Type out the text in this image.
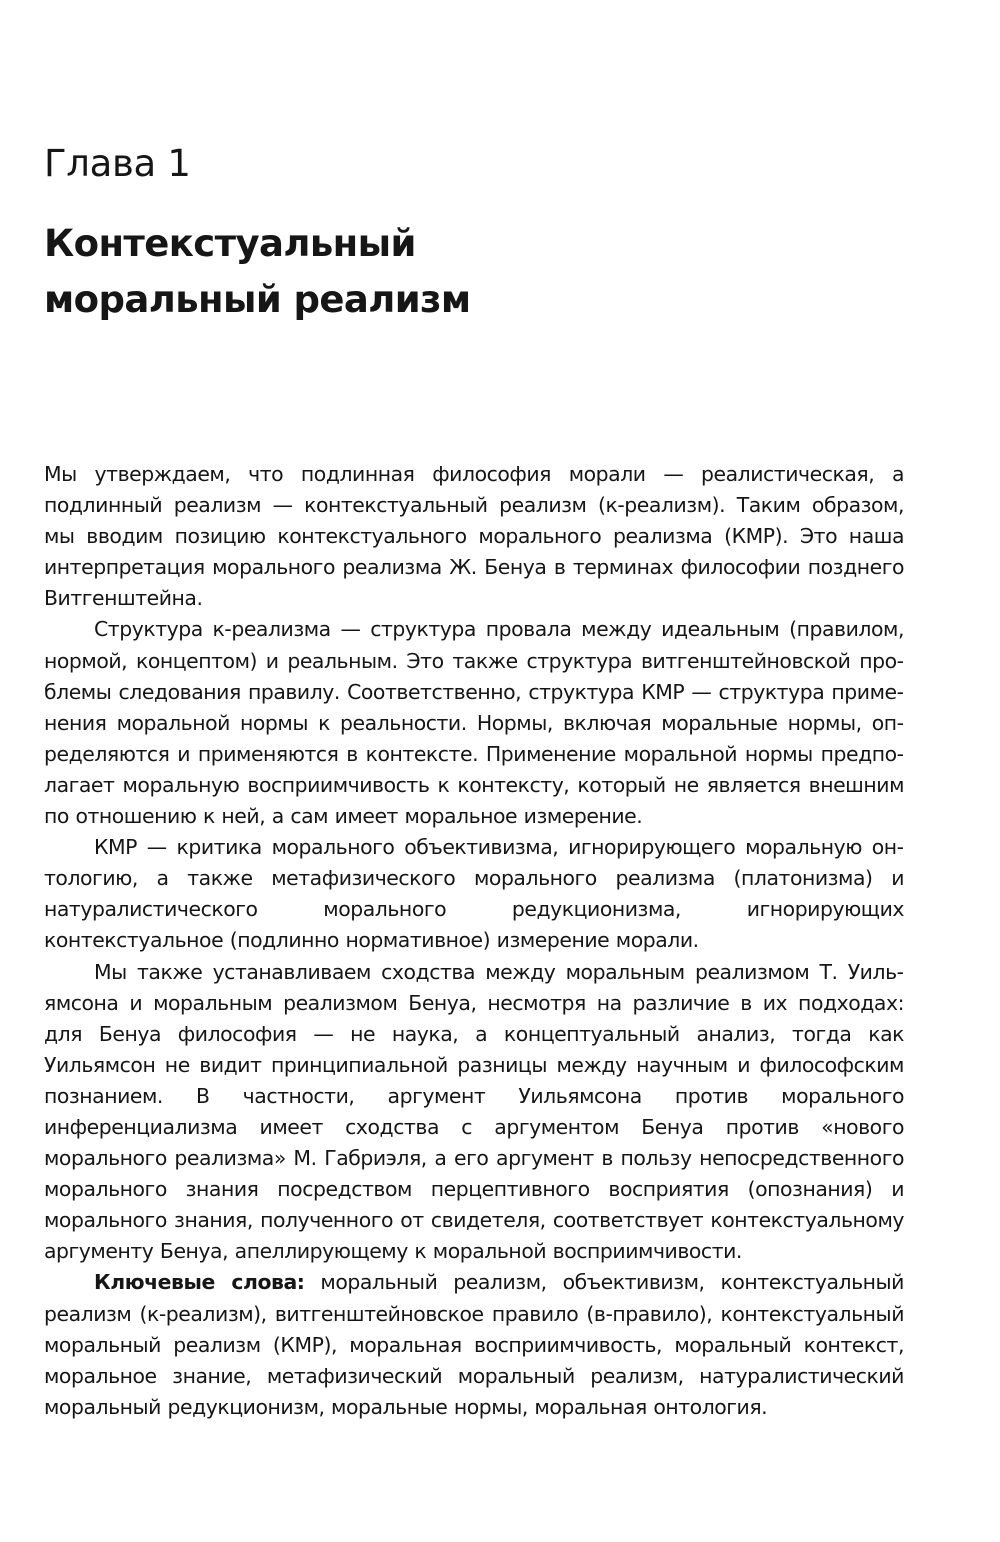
Глава 1
Контекстуальный
моральный реализм

Мы утверждаем, что подлинная философия морали — реалистическая, а подлинный реализм — контекстуальный реализм (к-реализм). Таким образом, мы вводим позицию контекстуального морального реализма (КМР). Это наша интерпретация морального реализма Ж. Бенуа в терминах философии позднего Витгенштейна.

Структура к-реализма — структура провала между идеальным (правилом, нормой, концептом) и реальным. Это также структура витгенштейновской проблемы следования правилу. Соответственно, структура КМР — структура применения моральной нормы к реальности. Нормы, включая моральные нормы, определяются и применяются в контексте. Применение моральной нормы предполагает моральную восприимчивость к контексту, который не является внешним по отношению к ней, а сам имеет моральное измерение.

КМР — критика морального объективизма, игнорирующего моральную онтологию, а также метафизического морального реализма (платонизма) и натуралистического морального редукционизма, игнорирующих контекстуальное (подлинно нормативное) измерение морали.

Мы также устанавливаем сходства между моральным реализмом Т. Уильямсона и моральным реализмом Бенуа, несмотря на различие в их подходах: для Бенуа философия — не наука, а концептуальный анализ, тогда как Уильямсон не видит принципиальной разницы между научным и философским познанием. В частности, аргумент Уильямсона против морального инференциализма имеет сходства с аргументом Бенуа против «нового морального реализма» М. Габриэля, а его аргумент в пользу непосредственного морального знания посредством перцептивного восприятия (опознания) и морального знания, полученного от свидетеля, соответствует контекстуальному аргументу Бенуа, апеллирующему к моральной восприимчивости.

Ключевые слова: моральный реализм, объективизм, контекстуальный реализм (к-реализм), витгенштейновское правило (в-правило), контекстуальный моральный реализм (КМР), моральная восприимчивость, моральный контекст, моральное знание, метафизический моральный реализм, натуралистический моральный редукционизм, моральные нормы, моральная онтология.
